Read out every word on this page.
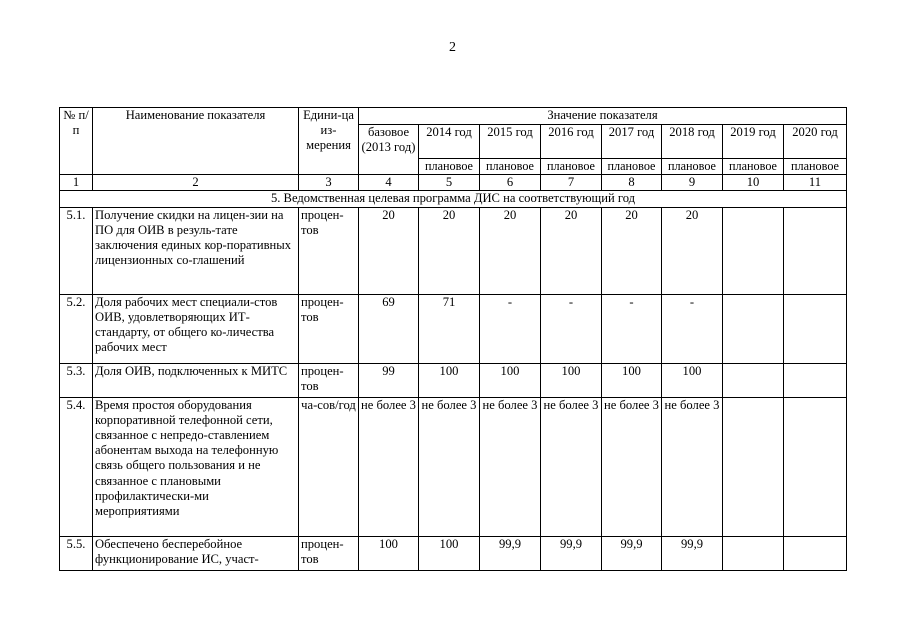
2
№ п/п	Наименование показателя	Едини-ца из-мерения	Значение показателя							
			базовое (2013 год)	2014 год	2015 год	2016 год	2017 год	2018 год	2019 год	2020 год
				плановое	плановое	плановое	плановое	плановое	плановое	плановое
1	2	3	4	5	6	7	8	9	10	11
5. Ведомственная целевая программа ДИС на соответствующий год										
5.1.	Получение скидки на лицен-зии на ПО для ОИВ в резуль-тате заключения единых кор-поративных лицензионных со-глашений	процен-тов	20	20	20	20	20	20		
5.2.	Доля рабочих мест специали-стов ОИВ, удовлетворяющих ИТ-стандарту, от общего ко-личества рабочих мест	процен-тов	69	71	-	-	-	-		
5.3.	Доля ОИВ, подключенных к МИТС	процен-тов	99	100	100	100	100	100		
5.4.	Время простоя оборудования корпоративной телефонной сети, связанное с непредо-ставлением абонентам выхода на телефонную связь общего пользования и не связанное с плановыми профилактически-ми мероприятиями	ча-сов/год	не более 3	не более 3	не более 3	не более 3	не более 3	не более 3		
5.5.	Обеспечено бесперебойное функционирование ИС, участ-	процен-тов	100	100	99,9	99,9	99,9	99,9		
